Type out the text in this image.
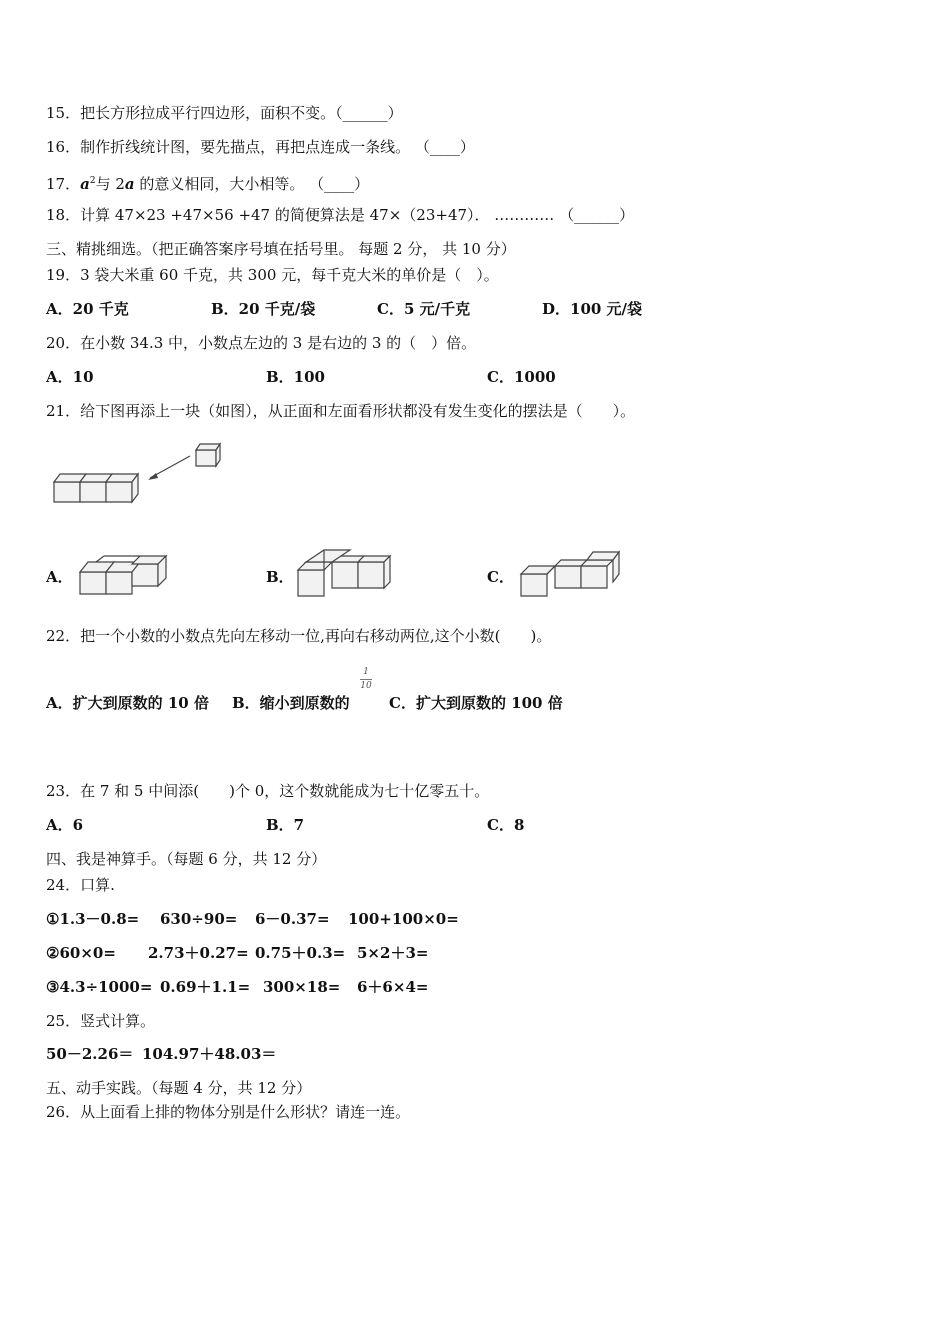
15．把长方形拉成平行四边形，面积不变。（______）
16．制作折线统计图，要先描点，再把点连成一条线。 （____）
17．$a^2$与 2a 的意义相同，大小相等。 （____）
18．计算 47×23 +47×56 +47 的简便算法是 47×（23+47）． ………… （______）
三、精挑细选。（把正确答案序号填在括号里。 每题 2 分， 共 10 分）
19．3 袋大米重 60 千克，共 300 元，每千克大米的单价是（　）。
A．20 千克	B．20 千克/袋	C．5 元/千克	D．100 元/袋
20．在小数 34.3 中，小数点左边的 3 是右边的 3 的（　）倍。
A．10	B．100	C．1000
21．给下图再添上一块（如图），从正面和左面看形状都没有发生变化的摆法是（　　）。
A．	B．	C．
22．把一个小数的小数点先向左移动一位,再向右移动两位,这个小数(　　)。
A．扩大到原数的 10 倍 B．缩小到原数的
1
10
C．扩大到原数的 100 倍
23．在 7 和 5 中间添(　　)个 0，这个数就能成为七十亿零五十。
A．6	B．7	C．8
四、我是神算手。（每题 6 分，共 12 分）
24．口算.
①1.3－0.8= 630÷90= 6－0.37= 100+100×0=
②60×0= 2.73＋0.27= 0.75＋0.3= 5×2＋3=
③4.3÷1000= 0.69＋1.1= 300×18= 6＋6×4=
25．竖式计算。
50－2.26＝ 104.97＋48.03＝
五、动手实践。（每题 4 分，共 12 分）
26．从上面看上排的物体分别是什么形状？请连一连。
